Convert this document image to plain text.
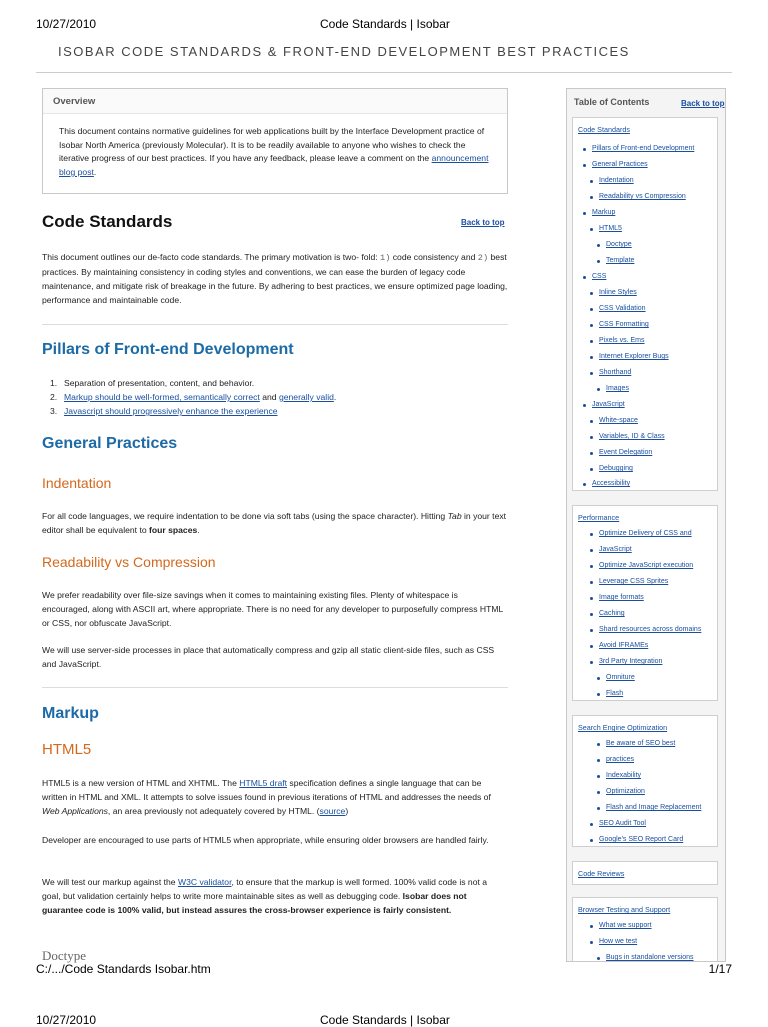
10/27/2010	Code Standards | Isobar
ISOBAR CODE STANDARDS & FRONT-END DEVELOPMENT BEST PRACTICES
Overview
This document contains normative guidelines for web applications built by the Interface Development practice of Isobar North America (previously Molecular). It is to be readily available to anyone who wishes to check the iterative progress of our best practices. If you have any feedback, please leave a comment on the announcement blog post.
Code Standards	Back to top
This document outlines our de-facto code standards. The primary motivation is two- fold: 1) code consistency and 2) best practices. By maintaining consistency in coding styles and conventions, we can ease the burden of legacy code maintenance, and mitigate risk of breakage in the future. By adhering to best practices, we ensure optimized page loading, performance and maintainable code.
Pillars of Front-end Development
1. Separation of presentation, content, and behavior.
2. Markup should be well-formed, semantically correct and generally valid.
3. Javascript should progressively enhance the experience
General Practices
Indentation
For all code languages, we require indentation to be done via soft tabs (using the space character). Hitting Tab in your text editor shall be equivalent to four spaces.
Readability vs Compression
We prefer readability over file-size savings when it comes to maintaining existing files. Plenty of whitespace is encouraged, along with ASCII art, where appropriate. There is no need for any developer to purposefully compress HTML or CSS, nor obfuscate JavaScript.
We will use server-side processes in place that automatically compress and gzip all static client-side files, such as CSS and JavaScript.
Markup
HTML5
HTML5 is a new version of HTML and XHTML. The HTML5 draft specification defines a single language that can be written in HTML and XML. It attempts to solve issues found in previous iterations of HTML and addresses the needs of Web Applications, an area previously not adequately covered by HTML. (source)
Developer are encouraged to use parts of HTML5 when appropriate, while ensuring older browsers are handled fairly.
We will test our markup against the W3C validator, to ensure that the markup is well formed. 100% valid code is not a goal, but validation certainly helps to write more maintainable sites as well as debugging code. Isobar does not guarantee code is 100% valid, but instead assures the cross-browser experience is fairly consistent.
Doctype
Table of Contents	Back to top
Code Standards
Pillars of Front-end Development
General Practices
Indentation
Readability vs Compression
Markup
HTML5
Doctype
Template
CSS
Inline Styles
CSS Validation
CSS Formatting
Pixels vs. Ems
Internet Explorer Bugs
Shorthand
Images
JavaScript
White-space
Variables, ID & Class
Event Delegation
Debugging
Accessibility
Performance
Optimize Delivery of CSS and
JavaScript
Optimize JavaScript execution
Leverage CSS Sprites
Image formats
Caching
Shard resources across domains
Avoid IFRAMEs
3rd Party Integration
Omniture
Flash
Search Engine Optimization
Be aware of SEO best
practices
Indexability
Optimization
Flash and Image Replacement
SEO Audit Tool
Google's SEO Report Card
Code Reviews
Browser Testing and Support
What we support
How we test
Bugs in standalone versions
C:/.../Code Standards Isobar.htm	1/17
10/27/2010	Code Standards | Isobar
